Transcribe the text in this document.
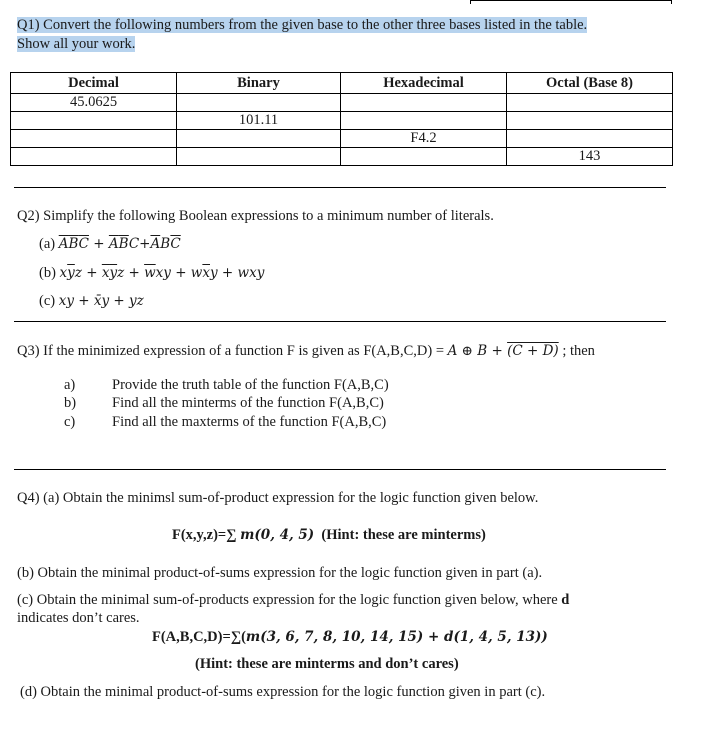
Q1) Convert the following numbers from the given base to the other three bases listed in the table.
Show all your work.
Decimal	Binary	Hexadecimal	Octal (Base 8)
45.0625			
	101.11		
		F4.2	
			143
Q2) Simplify the following Boolean expressions to a minimum number of literals.
(a) $\overline{A}\overline{B}\overline{C} + \overline{A}\overline{B}C+\overline{A}B\overline{C}$
(b) $x\overline{y}z + \overline{x}\overline{y}z + \overline{w}xy + w\overline{x}y$ + wxy
(c) xy + x̄y + yz
Q3) If the minimized expression of a function F is given as F(A,B,C,D) = A ⊕ B + (C + D) ; then
a)	Provide the truth table of the function F(A,B,C)
b) Find all the minterms of the function F(A,B,C)
c)	Find all the maxterms of the function F(A,B,C)
Q4) (a) Obtain the minimsl sum-of-product expression for the logic function given below.
F(x,y,z)=∑ m(0, 4, 5) (Hint: these are minterms)
(b) Obtain the minimal product-of-sums expression for the logic function given in part (a).
(c) Obtain the minimal sum-of-products expression for the logic function given below, where d
indicates don’t cares.
F(A,B,C,D)=∑(m(3, 6, 7, 8, 10, 14, 15) + d(1, 4, 5, 13))
(Hint: these are minterms and don’t cares)
(d) Obtain the minimal product-of-sums expression for the logic function given in part (c).
